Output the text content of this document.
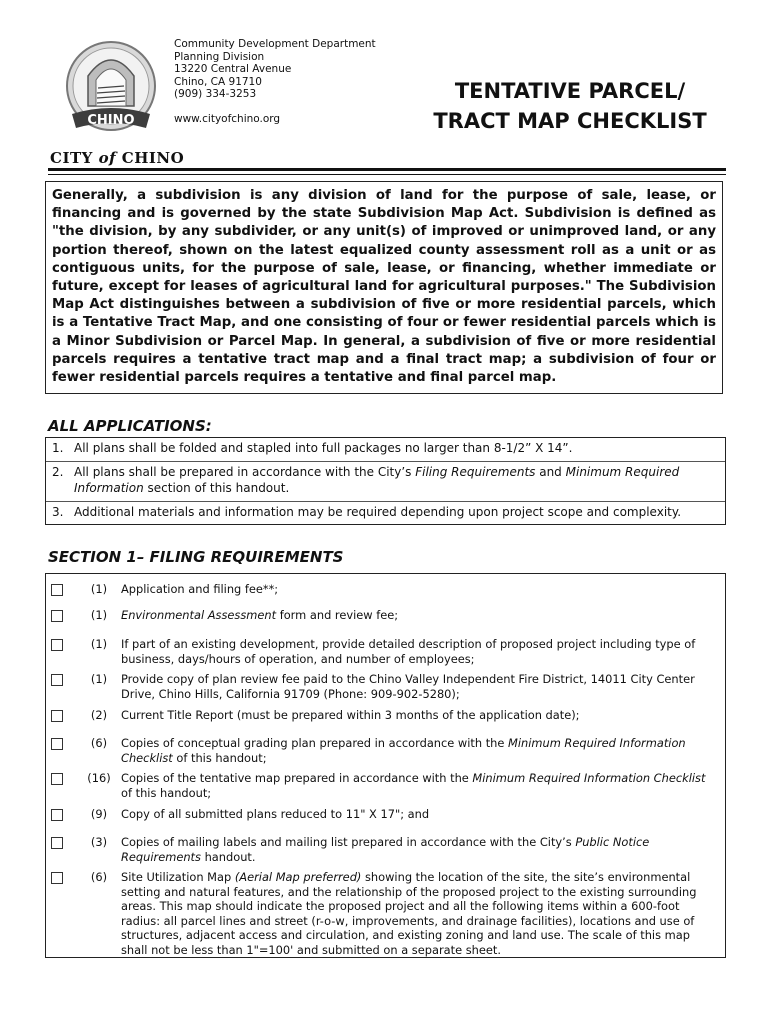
CHINO
CITY of CHINO
Community Development Department
Planning Division
13220 Central Avenue
Chino, CA 91710
(909) 334-3253
www.cityofchino.org
TENTATIVE PARCEL/
TRACT MAP CHECKLIST
Generally, a subdivision is any division of land for the purpose of sale, lease, or financing and is governed by the state Subdivision Map Act. Subdivision is defined as "the division, by any subdivider, or any unit(s) of improved or unimproved land, or any portion thereof, shown on the latest equalized county assessment roll as a unit or as contiguous units, for the purpose of sale, lease, or financing, whether immediate or future, except for leases of agricultural land for agricultural purposes." The Subdivision Map Act distinguishes between a subdivision of five or more residential parcels, which is a Tentative Tract Map, and one consisting of four or fewer residential parcels which is a Minor Subdivision or Parcel Map. In general, a subdivision of five or more residential parcels requires a tentative tract map and a final tract map; a subdivision of four or fewer residential parcels requires a tentative and final parcel map.
ALL APPLICATIONS:
1. All plans shall be folded and stapled into full packages no larger than 8-1/2” X 14”.
2. All plans shall be prepared in accordance with the City’s Filing Requirements and Minimum Required Information section of this handout.
3. Additional materials and information may be required depending upon project scope and complexity.
SECTION 1– FILING REQUIREMENTS
(1)	Application and filing fee**;
(1)	Environmental Assessment form and review fee;
(1)	If part of an existing development, provide detailed description of proposed project including type of business, days/hours of operation, and number of employees;
(1)	Provide copy of plan review fee paid to the Chino Valley Independent Fire District, 14011 City Center Drive, Chino Hills, California 91709 (Phone: 909-902-5280);
(2)	Current Title Report (must be prepared within 3 months of the application date);
(6)	Copies of conceptual grading plan prepared in accordance with the Minimum Required Information Checklist of this handout;
(16) Copies of the tentative map prepared in accordance with the Minimum Required Information Checklist of this handout;
(9)	Copy of all submitted plans reduced to 11" X 17"; and
(3)	Copies of mailing labels and mailing list prepared in accordance with the City’s Public Notice Requirements handout.
(6)	Site Utilization Map (Aerial Map preferred) showing the location of the site, the site’s environmental setting and natural features, and the relationship of the proposed project to the existing surrounding areas. This map should indicate the proposed project and all the following items within a 600-foot radius: all parcel lines and street (r-o-w, improvements, and drainage facilities), locations and use of structures, adjacent access and circulation, and existing zoning and land use. The scale of this map shall not be less than 1"=100' and submitted on a separate sheet.
